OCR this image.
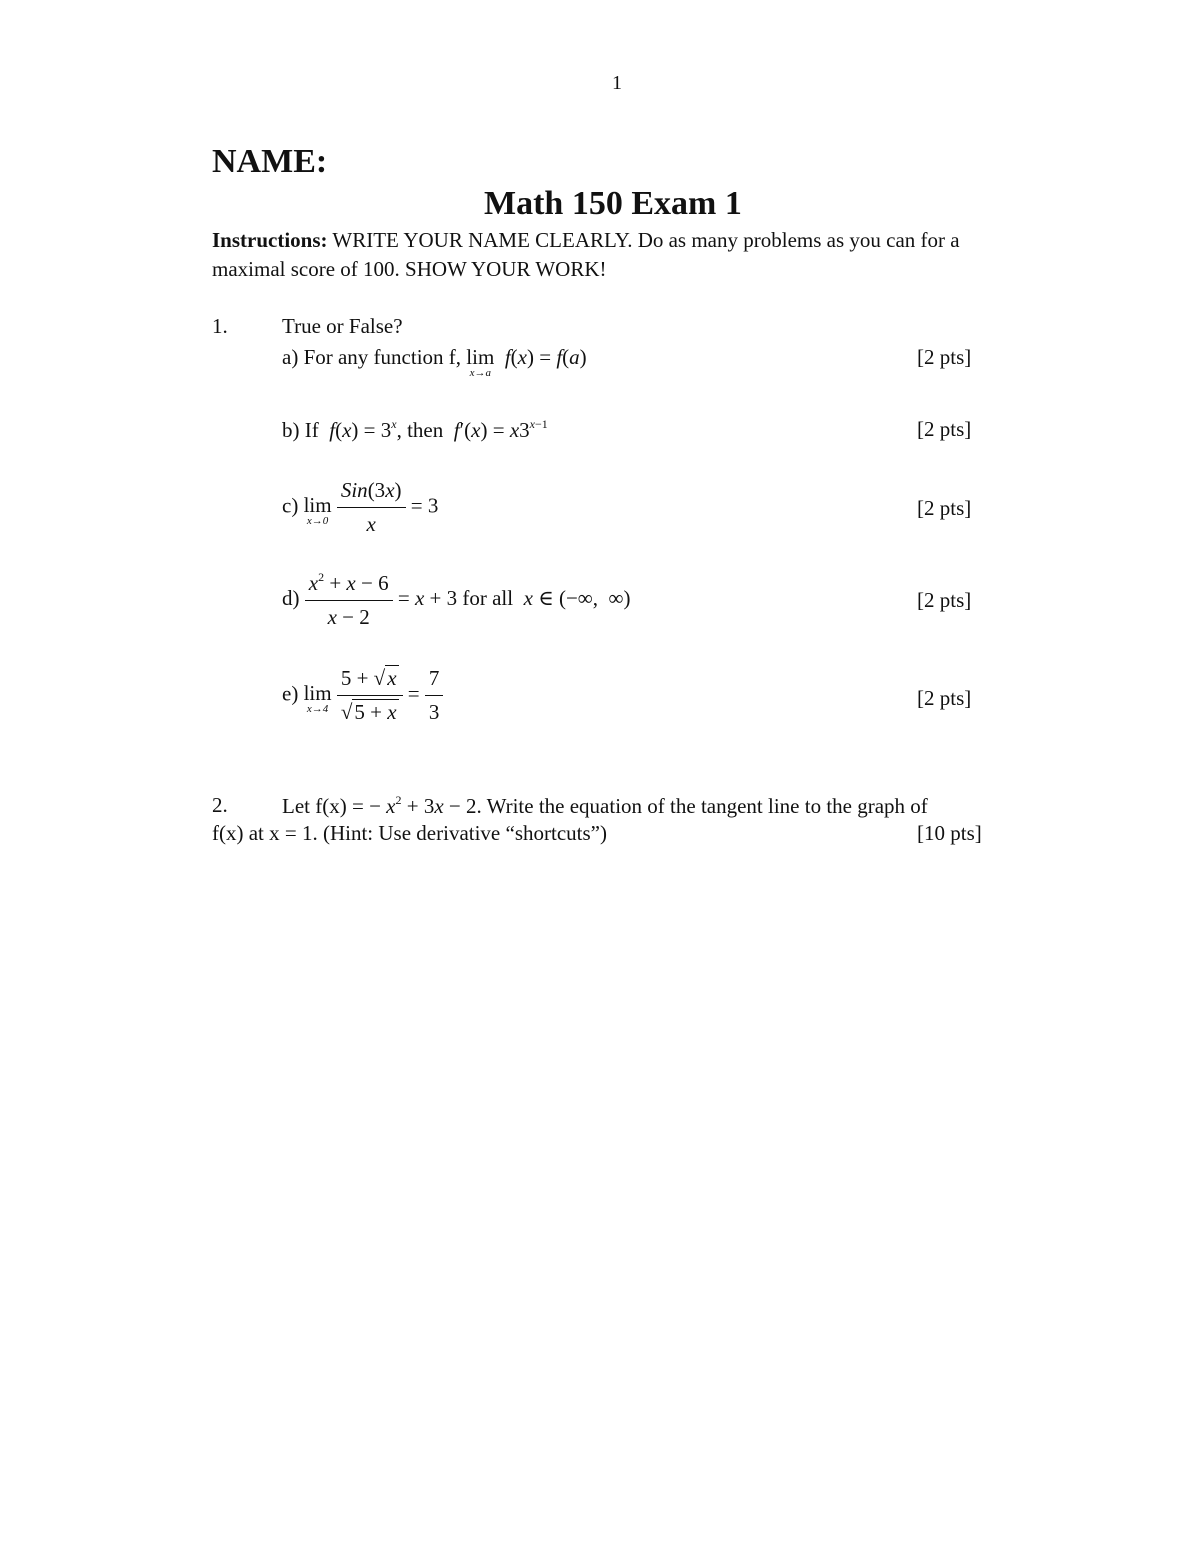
1
NAME:
Math 150 Exam 1
Instructions: WRITE YOUR NAME CLEARLY. Do as many problems as you can for a maximal score of 100. SHOW YOUR WORK!
1.	True or False?
a) For any function f, lim
x→a
f(x) = f(a)	[2 pts]
b) If $f(x) = 3^x$, then $f'(x) = x3^{x-1}$	[2 pts]
c) lim
x→0
$\frac{\text{Sin(3x)}}{x} = 3$	[2 pts]
$d) \frac{x^2 + x - 6}{x - 2} = x + 3$ for all x ∈ (−∞,  ∞)	[2 pts]
e) lim
x→4
$\frac{5 + √x}{√5 + x} = \frac{7}{3}$	[2 pts]
2.	Let f(x) = − $x^2 + 3x - 2$. Write the equation of the tangent line to the graph of
f(x) at x = 1. (Hint: Use derivative “shortcuts”)	[10 pts]
